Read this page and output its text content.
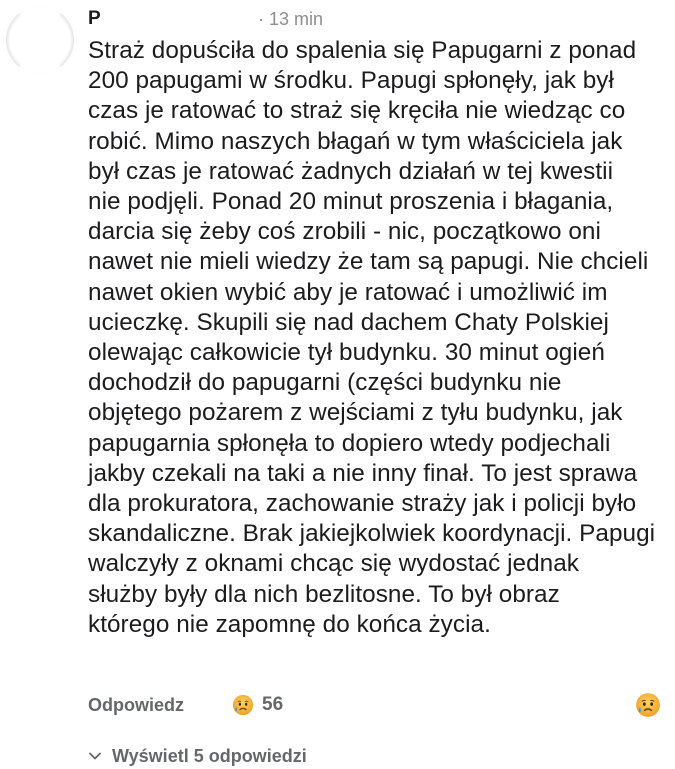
P	· 13 min

Straż dopuściła do spalenia się Papugarni z ponad
200 papugami w środku. Papugi spłonęły, jak był
czas je ratować to straż się kręciła nie wiedząc co
robić. Mimo naszych błagań w tym właściciela jak
był czas je ratować żadnych działań w tej kwestii
nie podjęli. Ponad 20 minut proszenia i błagania,
darcia się żeby coś zrobili - nic, początkowo oni
nawet nie mieli wiedzy że tam są papugi. Nie chcieli
nawet okien wybić aby je ratować i umożliwić im
ucieczkę. Skupili się nad dachem Chaty Polskiej
olewając całkowicie tył budynku. 30 minut ogień
dochodził do papugarni (części budynku nie
objętego pożarem z wejściami z tyłu budynku, jak
papugarnia spłonęła to dopiero wtedy podjechali
jakby czekali na taki a nie inny finał. To jest sprawa
dla prokuratora, zachowanie straży jak i policji było
skandaliczne. Brak jakiejkolwiek koordynacji. Papugi
walczyły z oknami chcąc się wydostać jednak
służby były dla nich bezlitosne. To był obraz
którego nie zapomnę do końca życia.

Odpowiedz	56
Wyświetl 5 odpowiedzi
